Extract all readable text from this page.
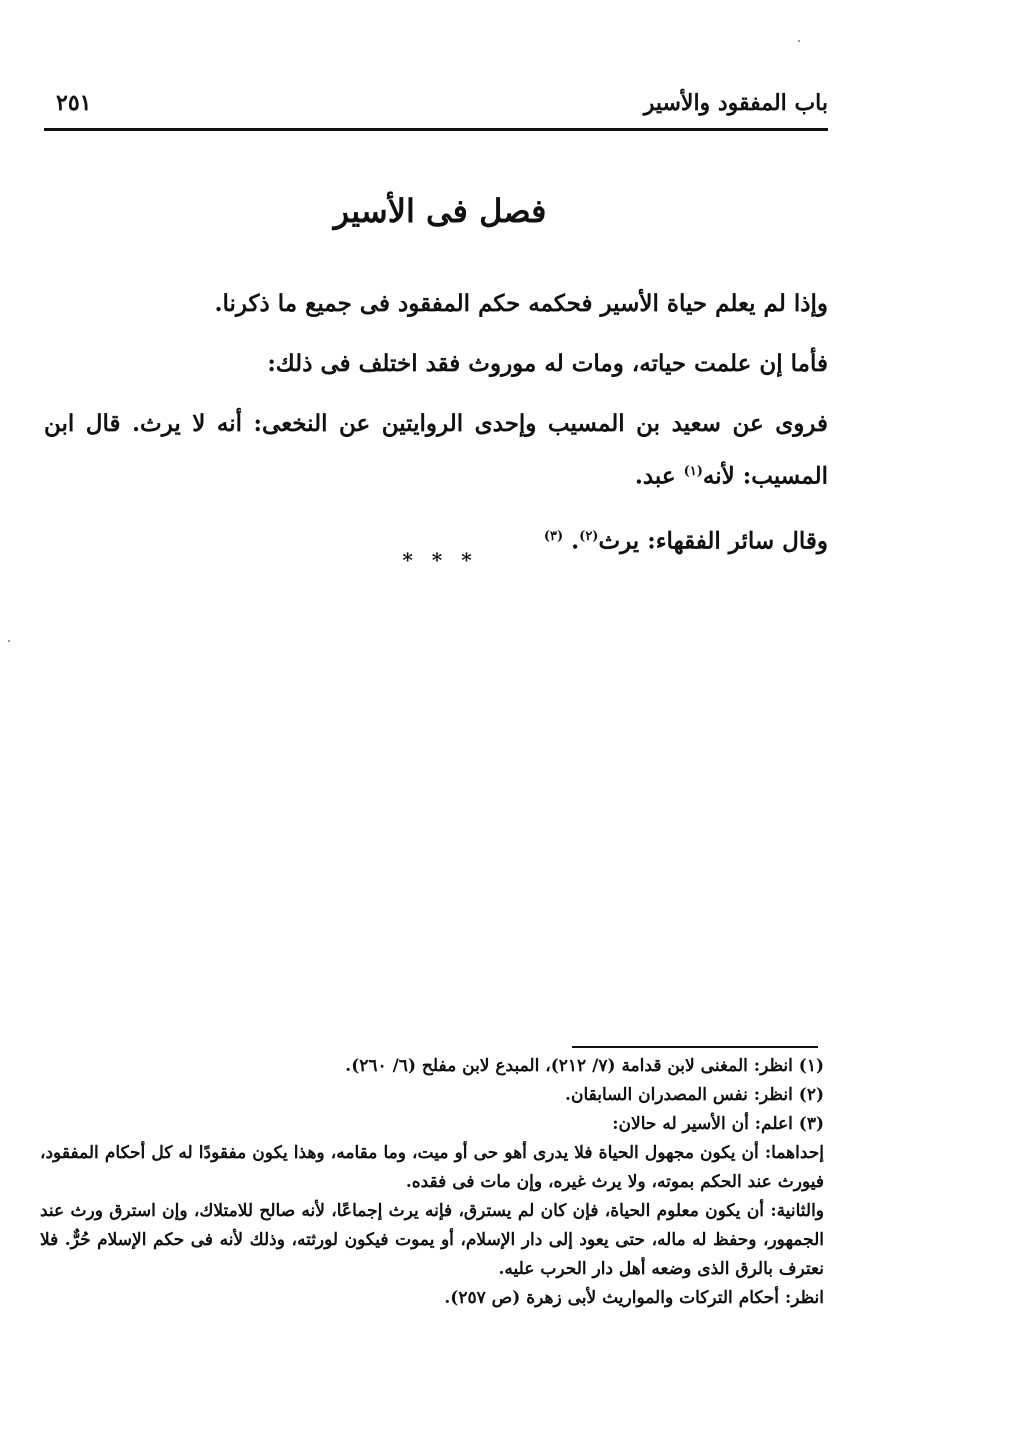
باب المفقود والأسير
٢٥١
فصل فى الأسير

وإذا لم يعلم حياة الأسير فحكمه حكم المفقود فى جميع ما ذكرنا.

فأما إن علمت حياته، ومات له موروث فقد اختلف فى ذلك:

فروى عن سعيد بن المسيب وإحدى الروايتين عن النخعى: أنه لا يرث. قال ابن المسيب: لأنه$^{(١)}$ عبد.

وقال سائر الفقهاء: يرث$^{(٢)}$. $^{(٣)}$

* * *

(١) انظر: المغنى لابن قدامة (٧/ ٢١٢)، المبدع لابن مفلح (٦/ ٢٦٠).

(٢) انظر: نفس المصدران السابقان.

(٣) اعلم: أن الأسير له حالان:

إحداهما: أن يكون مجهول الحياة فلا يدرى أهو حى أو ميت، وما مقامه، وهذا يكون مفقودًا له كل أحكام المفقود، فيورث عند الحكم بموته، ولا يرث غيره، وإن مات فى فقده.

والثانية: أن يكون معلوم الحياة، فإن كان لم يسترق، فإنه يرث إجماعًا، لأنه صالح للامتلاك، وإن استرق ورث عند الجمهور، وحفظ له ماله، حتى يعود إلى دار الإسلام، أو يموت فيكون لورثته، وذلك لأنه فى حكم الإسلام حُرٌّ. فلا نعترف بالرق الذى وضعه أهل دار الحرب عليه.

انظر: أحكام التركات والمواريث لأبى زهرة (ص ٢٥٧).
